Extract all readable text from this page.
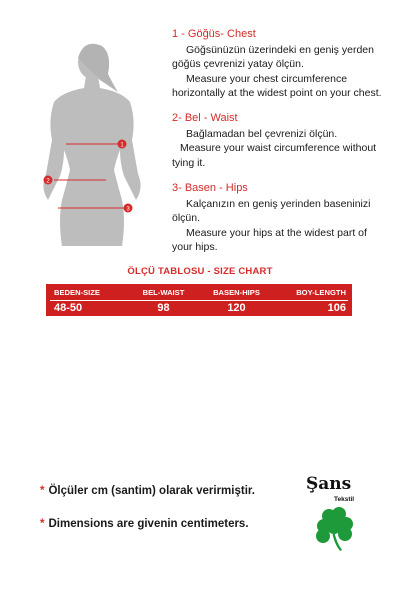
1
2
3
1 - Göğüs- Chest

Göğsünüzün üzerindeki en geniş yerden
göğüs çevrenizi yatay ölçün.
Measure your chest circumference
horizontally at the widest point on your chest.

2- Bel - Waist

Bağlamadan bel çevrenizi ölçün.
Measure your waist circumference without
tying it.

3- Basen - Hips

Kalçanızın en geniş yerinden baseninizi
ölçün.
Measure your hips at the widest part of
your hips.

ÖLÇÜ TABLOSU - SIZE CHART
BEDEN-SIZE	BEL-WAIST	BASEN-HIPS	BOY-LENGTH
48-50	98	120	106
* Ölçüler cm (santim) olarak verirmiştir.
* Dimensions are givenin centimeters.
Şans
Tekstil
